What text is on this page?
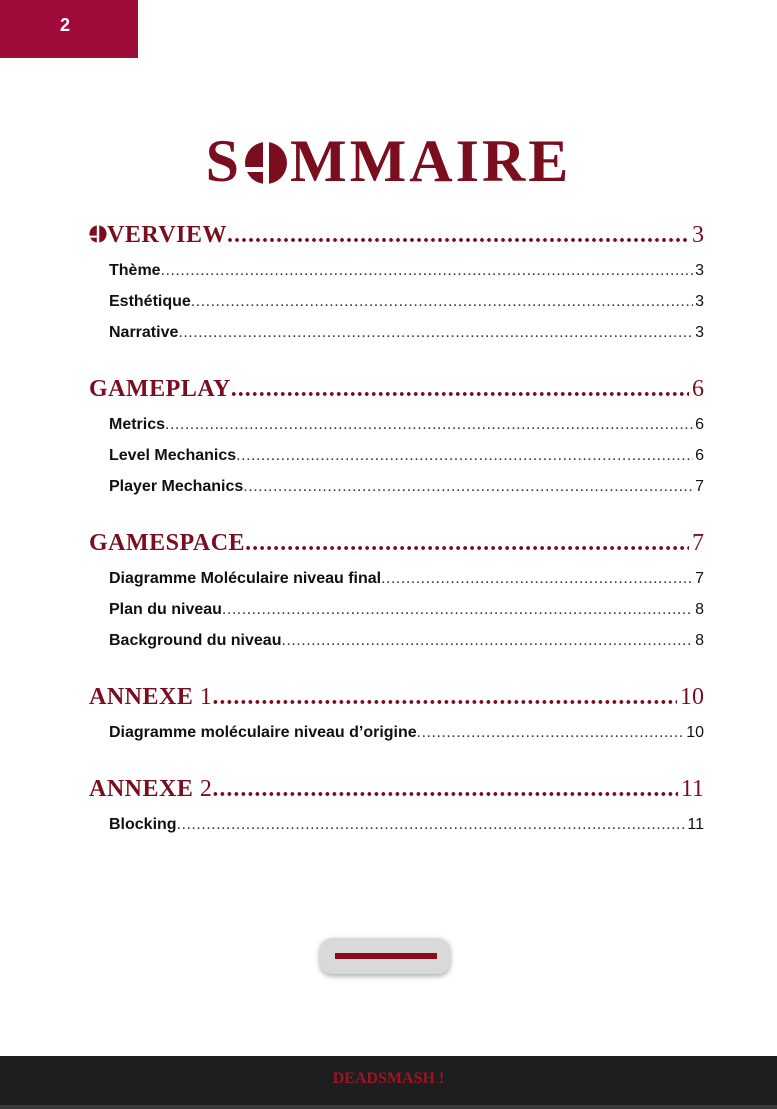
2
S MMAIRE
VERVIEW .....	3
Thème .....	3
Esthétique .....	3
Narrative .....	3
GAMEPLAY .....	6
Metrics .....	6
Level Mechanics .....	6
Player Mechanics .....	7
GAMESPACE .....	7
Diagramme Moléculaire niveau final .....	7
Plan du niveau .....	8
Background du niveau .....	8
ANNEXE 1 .....	10
Diagramme moléculaire niveau d’origine .....	10
ANNEXE 2 .....	11
Blocking .....	11
DEADSMASH !
